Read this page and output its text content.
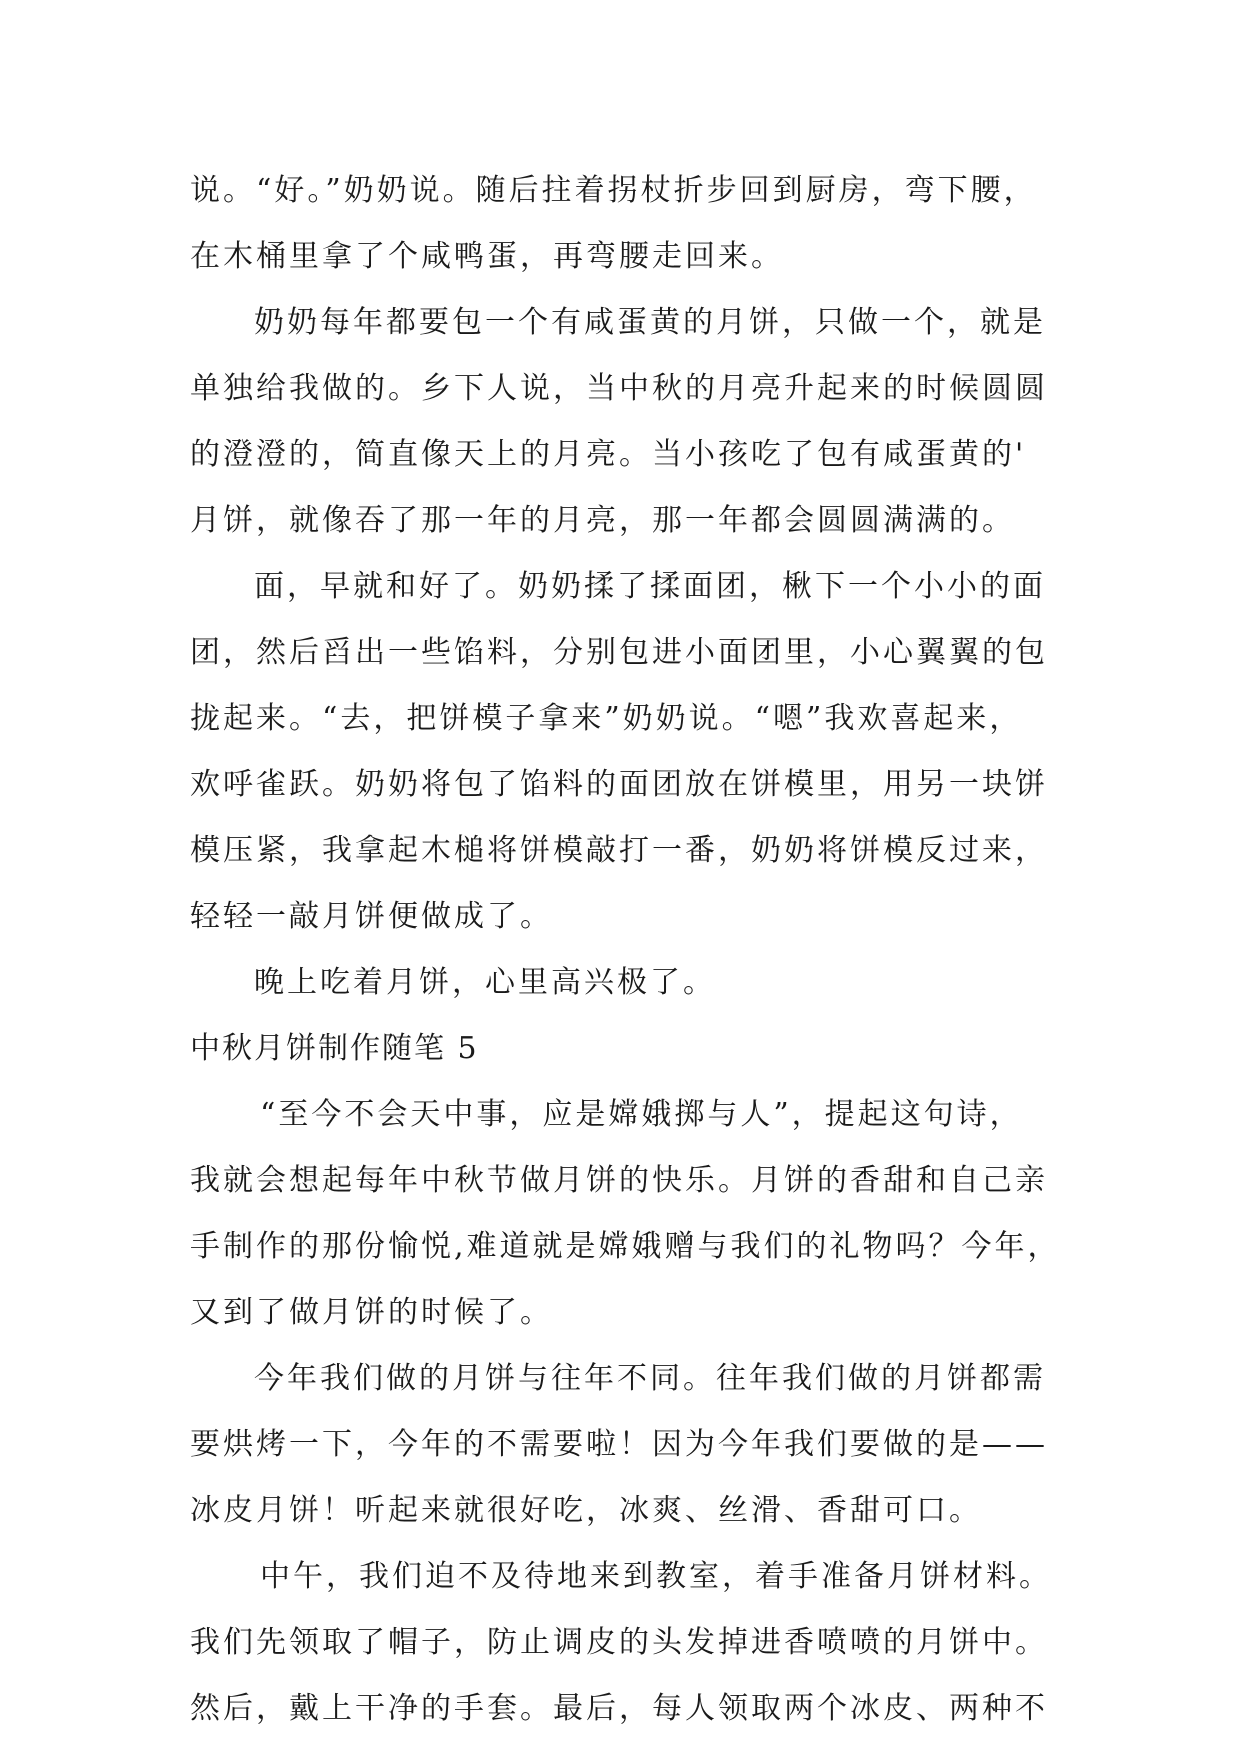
说。“好。”奶奶说。随后拄着拐杖折步回到厨房，弯下腰，
在木桶里拿了个咸鸭蛋，再弯腰走回来。
奶奶每年都要包一个有咸蛋黄的月饼，只做一个，就是
单独给我做的。乡下人说，当中秋的月亮升起来的时候圆圆
的澄澄的，简直像天上的月亮。当小孩吃了包有咸蛋黄的'
月饼，就像吞了那一年的月亮，那一年都会圆圆满满的。
面，早就和好了。奶奶揉了揉面团，楸下一个小小的面
团，然后舀出一些馅料，分别包进小面团里，小心翼翼的包
拢起来。“去，把饼模子拿来”奶奶说。“嗯”我欢喜起来，
欢呼雀跃。奶奶将包了馅料的面团放在饼模里，用另一块饼
模压紧，我拿起木槌将饼模敲打一番，奶奶将饼模反过来，
轻轻一敲月饼便做成了。
晚上吃着月饼，心里高兴极了。
中秋月饼制作随笔 5
“至今不会天中事，应是嫦娥掷与人”，提起这句诗，
我就会想起每年中秋节做月饼的快乐。月饼的香甜和自己亲
手制作的那份愉悦,难道就是嫦娥赠与我们的礼物吗？今年，
又到了做月饼的时候了。
今年我们做的月饼与往年不同。往年我们做的月饼都需
要烘烤一下，今年的不需要啦！因为今年我们要做的是——
冰皮月饼！听起来就很好吃，冰爽、丝滑、香甜可口。
中午，我们迫不及待地来到教室，着手准备月饼材料。
我们先领取了帽子，防止调皮的头发掉进香喷喷的月饼中。
然后，戴上干净的手套。最后，每人领取两个冰皮、两种不
